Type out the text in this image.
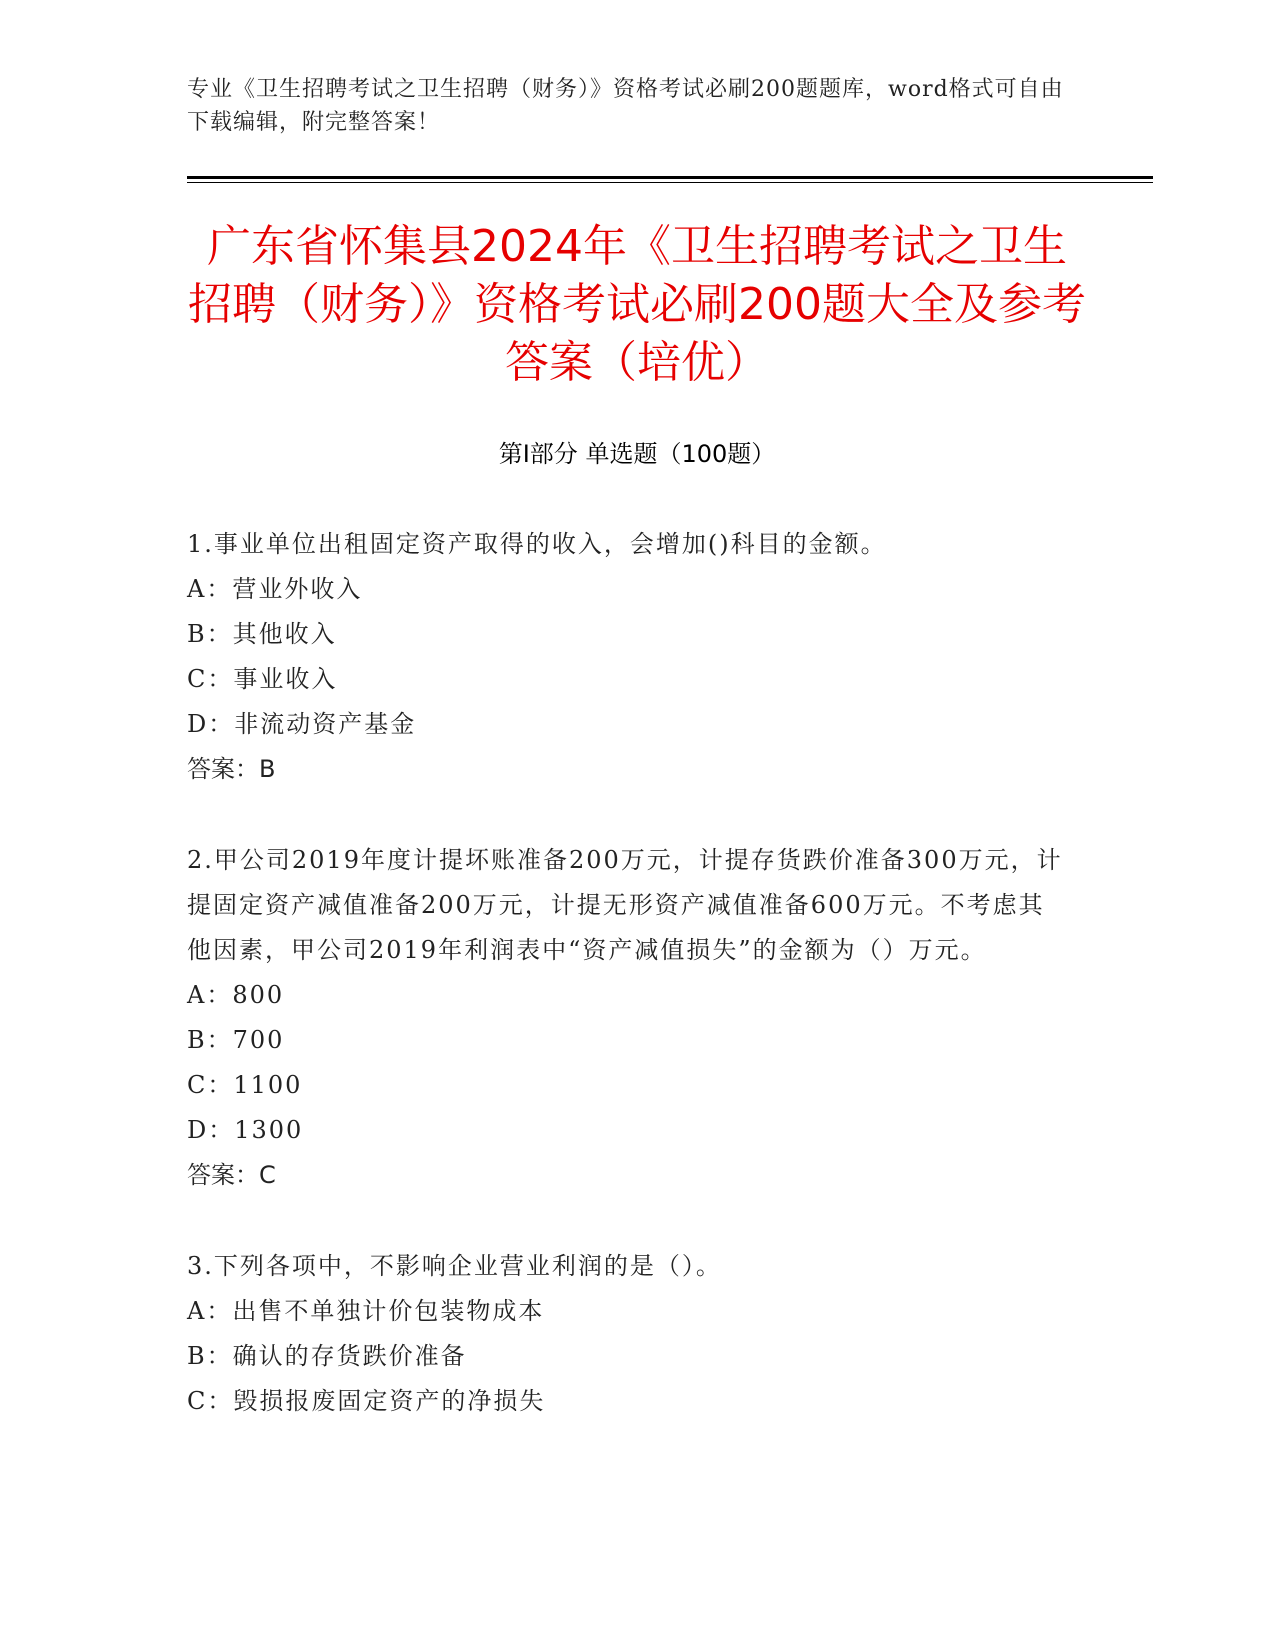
专业《卫生招聘考试之卫生招聘（财务）》资格考试必刷200题题库，word格式可自由下载编辑，附完整答案！
广东省怀集县2024年《卫生招聘考试之卫生招聘（财务）》资格考试必刷200题大全及参考答案（培优）
第I部分 单选题（100题）
1.事业单位出租固定资产取得的收入，会增加()科目的金额。
A：营业外收入
B：其他收入
C：事业收入
D：非流动资产基金
答案：B
2.甲公司2019年度计提坏账准备200万元，计提存货跌价准备300万元，计提固定资产减值准备200万元，计提无形资产减值准备600万元。不考虑其他因素，甲公司2019年利润表中“资产减值损失”的金额为（）万元。
A：800
B：700
C：1100
D：1300
答案：C
3.下列各项中，不影响企业营业利润的是（）。
A：出售不单独计价包装物成本
B：确认的存货跌价准备
C：毁损报废固定资产的净损失
